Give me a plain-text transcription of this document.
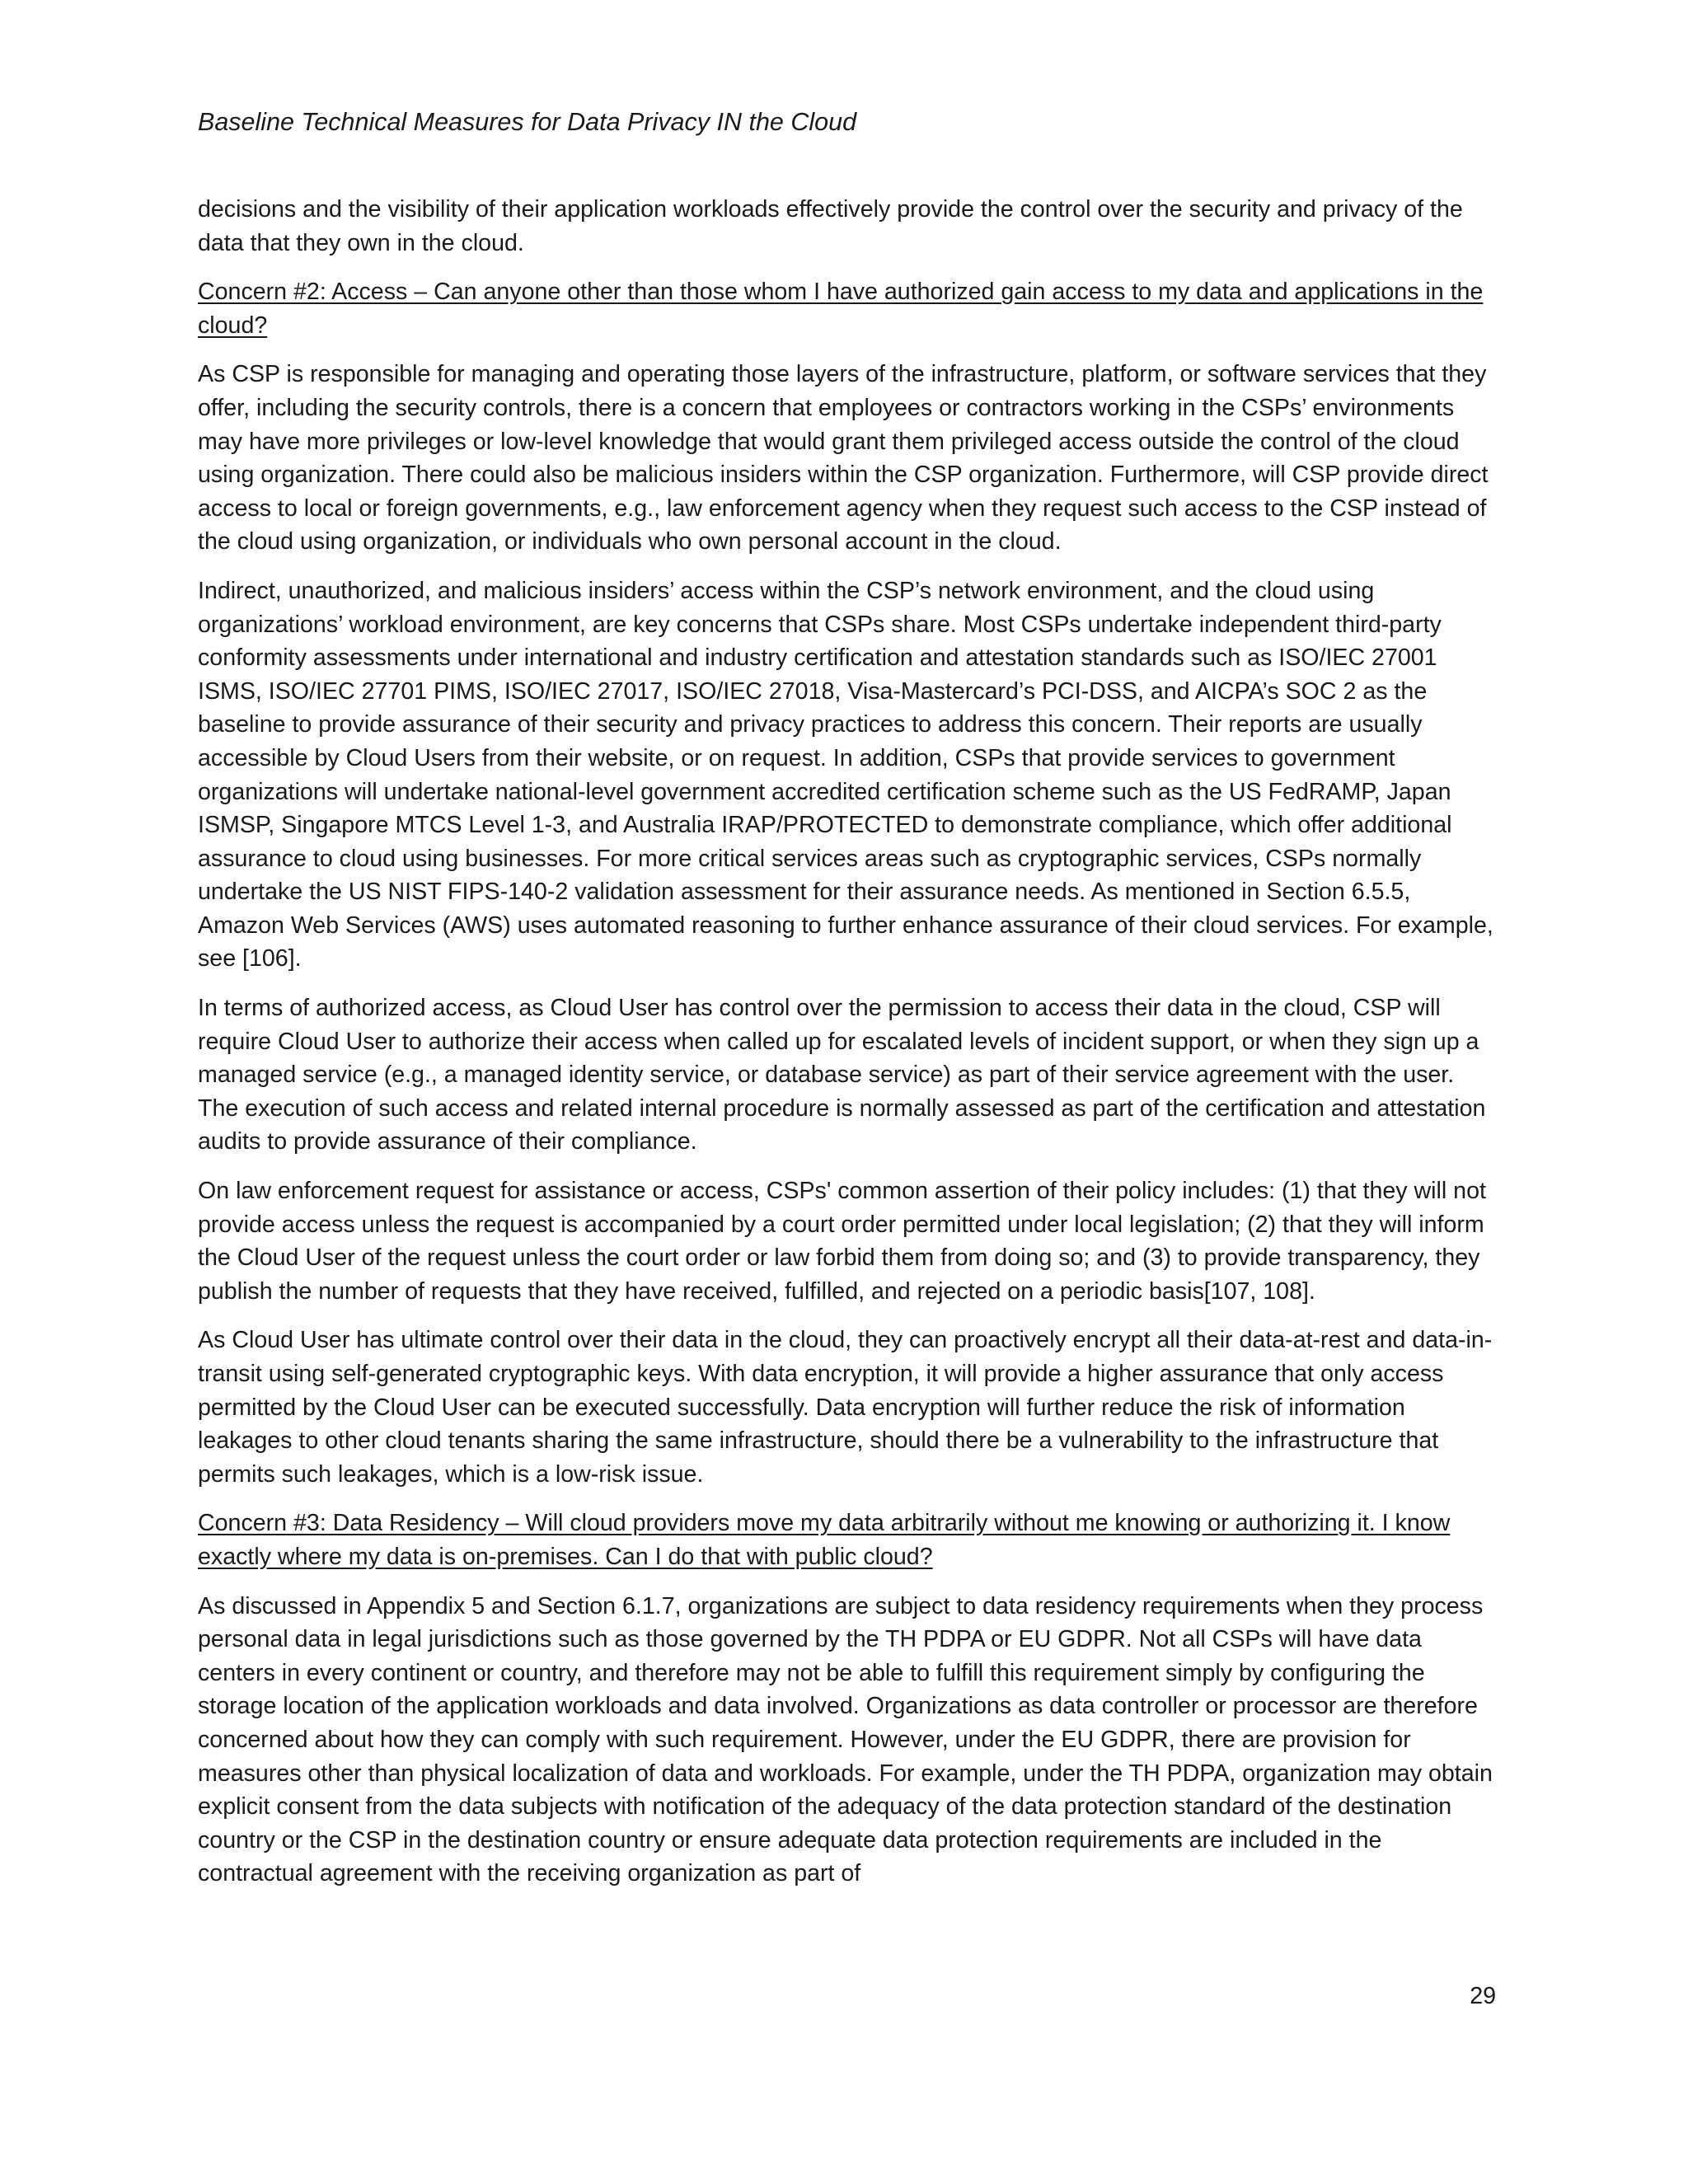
Baseline Technical Measures for Data Privacy IN the Cloud

decisions and the visibility of their application workloads effectively provide the control over the security and privacy of the data that they own in the cloud.

Concern #2: Access – Can anyone other than those whom I have authorized gain access to my data and applications in the cloud?

As CSP is responsible for managing and operating those layers of the infrastructure, platform, or software services that they offer, including the security controls, there is a concern that employees or contractors working in the CSPs’ environments may have more privileges or low-level knowledge that would grant them privileged access outside the control of the cloud using organization. There could also be malicious insiders within the CSP organization. Furthermore, will CSP provide direct access to local or foreign governments, e.g., law enforcement agency when they request such access to the CSP instead of the cloud using organization, or individuals who own personal account in the cloud.

Indirect, unauthorized, and malicious insiders’ access within the CSP’s network environment, and the cloud using organizations’ workload environment, are key concerns that CSPs share. Most CSPs undertake independent third-party conformity assessments under international and industry certification and attestation standards such as ISO/IEC 27001 ISMS, ISO/IEC 27701 PIMS, ISO/IEC 27017, ISO/IEC 27018, Visa-Mastercard’s PCI-DSS, and AICPA’s SOC 2 as the baseline to provide assurance of their security and privacy practices to address this concern. Their reports are usually accessible by Cloud Users from their website, or on request. In addition, CSPs that provide services to government organizations will undertake national-level government accredited certification scheme such as the US FedRAMP, Japan ISMSP, Singapore MTCS Level 1-3, and Australia IRAP/PROTECTED to demonstrate compliance, which offer additional assurance to cloud using businesses. For more critical services areas such as cryptographic services, CSPs normally undertake the US NIST FIPS-140-2 validation assessment for their assurance needs. As mentioned in Section 6.5.5, Amazon Web Services (AWS) uses automated reasoning to further enhance assurance of their cloud services. For example, see [106].

In terms of authorized access, as Cloud User has control over the permission to access their data in the cloud, CSP will require Cloud User to authorize their access when called up for escalated levels of incident support, or when they sign up a managed service (e.g., a managed identity service, or database service) as part of their service agreement with the user. The execution of such access and related internal procedure is normally assessed as part of the certification and attestation audits to provide assurance of their compliance.

On law enforcement request for assistance or access, CSPs' common assertion of their policy includes: (1) that they will not provide access unless the request is accompanied by a court order permitted under local legislation; (2) that they will inform the Cloud User of the request unless the court order or law forbid them from doing so; and (3) to provide transparency, they publish the number of requests that they have received, fulfilled, and rejected on a periodic basis[107, 108].

As Cloud User has ultimate control over their data in the cloud, they can proactively encrypt all their data-at-rest and data-in-transit using self-generated cryptographic keys. With data encryption, it will provide a higher assurance that only access permitted by the Cloud User can be executed successfully. Data encryption will further reduce the risk of information leakages to other cloud tenants sharing the same infrastructure, should there be a vulnerability to the infrastructure that permits such leakages, which is a low-risk issue.

Concern #3: Data Residency – Will cloud providers move my data arbitrarily without me knowing or authorizing it. I know exactly where my data is on-premises. Can I do that with public cloud?

As discussed in Appendix 5 and Section 6.1.7, organizations are subject to data residency requirements when they process personal data in legal jurisdictions such as those governed by the TH PDPA or EU GDPR. Not all CSPs will have data centers in every continent or country, and therefore may not be able to fulfill this requirement simply by configuring the storage location of the application workloads and data involved. Organizations as data controller or processor are therefore concerned about how they can comply with such requirement. However, under the EU GDPR, there are provision for measures other than physical localization of data and workloads. For example, under the TH PDPA, organization may obtain explicit consent from the data subjects with notification of the adequacy of the data protection standard of the destination country or the CSP in the destination country or ensure adequate data protection requirements are included in the contractual agreement with the receiving organization as part of

29
